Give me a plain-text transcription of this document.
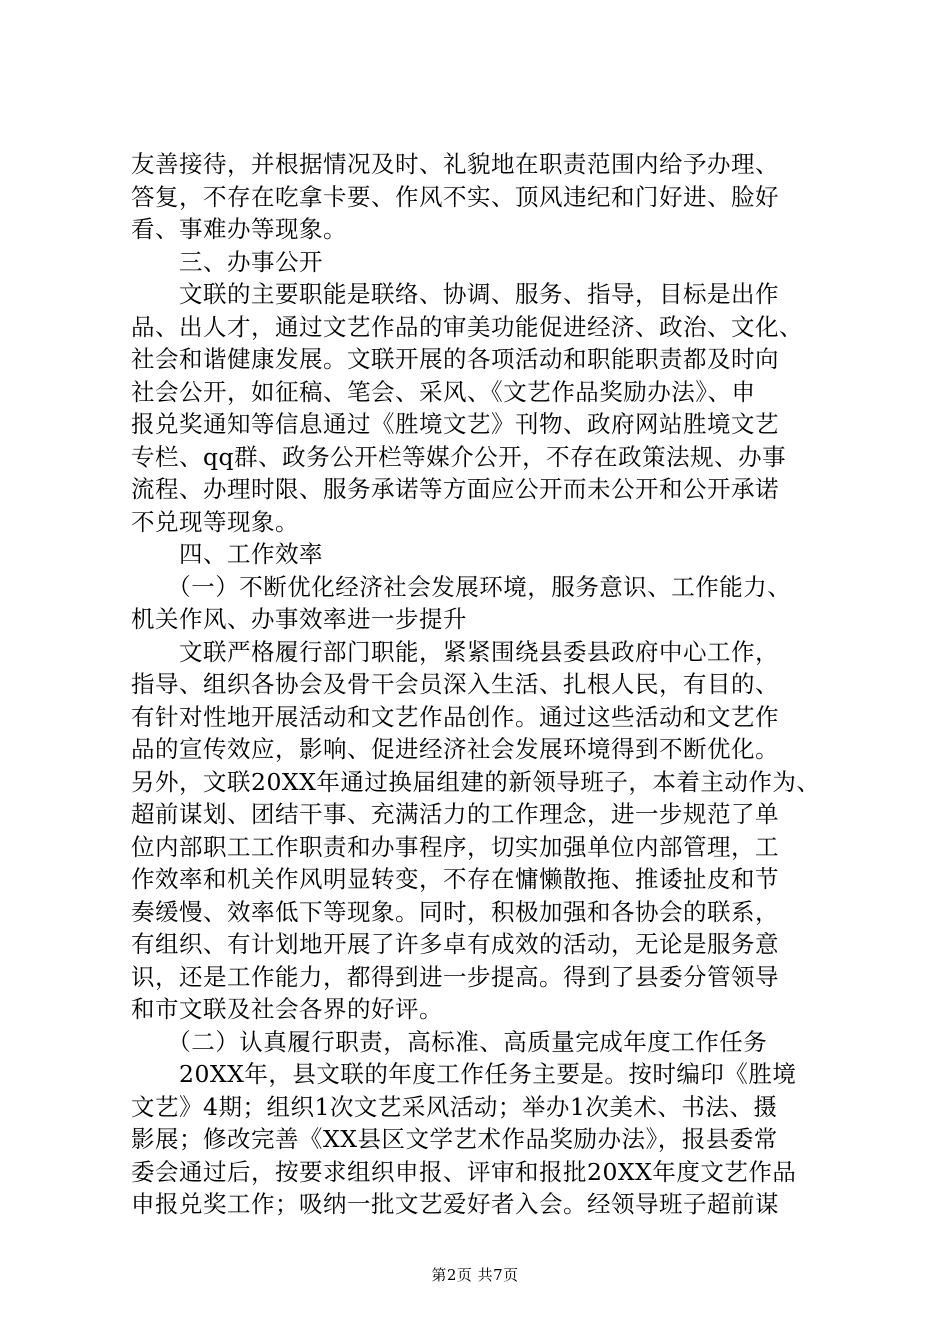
友善接待，并根据情况及时、礼貌地在职责范围内给予办理、
答复，不存在吃拿卡要、作风不实、顶风违纪和门好进、脸好
看、事难办等现象。
　　三、办事公开
　　文联的主要职能是联络、协调、服务、指导，目标是出作
品、出人才，通过文艺作品的审美功能促进经济、政治、文化、
社会和谐健康发展。文联开展的各项活动和职能职责都及时向
社会公开，如征稿、笔会、采风、《文艺作品奖励办法》、申
报兑奖通知等信息通过《胜境文艺》刊物、政府网站胜境文艺
专栏、qq群、政务公开栏等媒介公开，不存在政策法规、办事
流程、办理时限、服务承诺等方面应公开而未公开和公开承诺
不兑现等现象。
　　四、工作效率
　　（一）不断优化经济社会发展环境，服务意识、工作能力、
机关作风、办事效率进一步提升
　　文联严格履行部门职能，紧紧围绕县委县政府中心工作，
指导、组织各协会及骨干会员深入生活、扎根人民，有目的、
有针对性地开展活动和文艺作品创作。通过这些活动和文艺作
品的宣传效应，影响、促进经济社会发展环境得到不断优化。
另外，文联20XX年通过换届组建的新领导班子，本着主动作为、
超前谋划、团结干事、充满活力的工作理念，进一步规范了单
位内部职工工作职责和办事程序，切实加强单位内部管理，工
作效率和机关作风明显转变，不存在慵懒散拖、推诿扯皮和节
奏缓慢、效率低下等现象。同时，积极加强和各协会的联系，
有组织、有计划地开展了许多卓有成效的活动，无论是服务意
识，还是工作能力，都得到进一步提高。得到了县委分管领导
和市文联及社会各界的好评。
　　（二）认真履行职责，高标准、高质量完成年度工作任务
　　20XX年，县文联的年度工作任务主要是。按时编印《胜境
文艺》4期；组织1次文艺采风活动；举办1次美术、书法、摄
影展；修改完善《XX县区文学艺术作品奖励办法》，报县委常
委会通过后，按要求组织申报、评审和报批20XX年度文艺作品
申报兑奖工作；吸纳一批文艺爱好者入会。经领导班子超前谋
第2页 共7页
